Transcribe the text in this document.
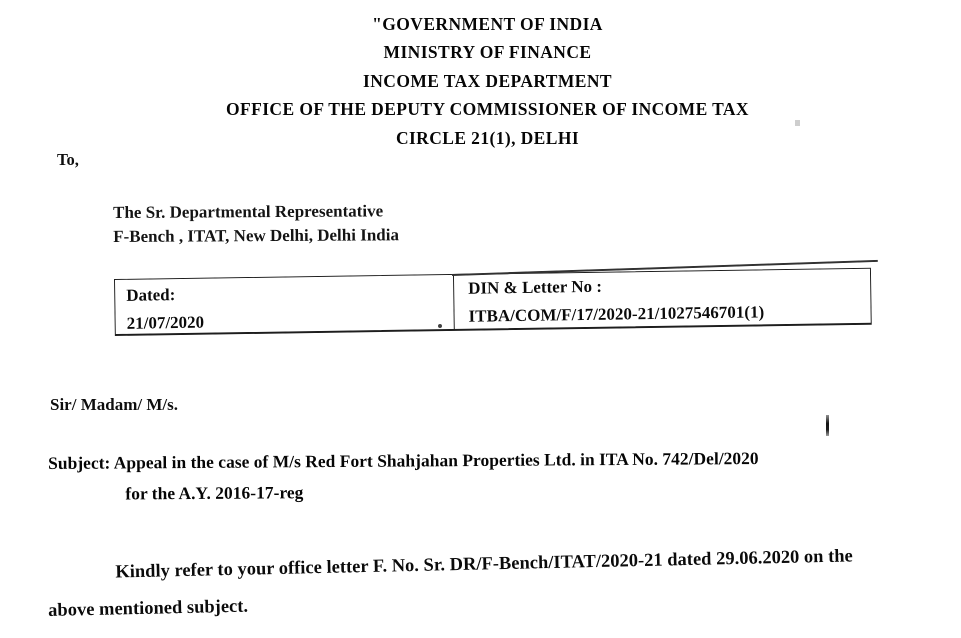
"GOVERNMENT OF INDIA
MINISTRY OF FINANCE
INCOME TAX DEPARTMENT
OFFICE OF THE DEPUTY COMMISSIONER OF INCOME TAX
CIRCLE 21(1), DELHI
To,
The Sr. Departmental Representative
F-Bench , ITAT, New Delhi, Delhi India
Dated:
21/07/2020
DIN & Letter No :
ITBA/COM/F/17/2020-21/1027546701(1)
Sir/ Madam/ M/s.
Subject: Appeal in the case of M/s Red Fort Shahjahan Properties Ltd. in ITA No. 742/Del/2020
for the A.Y. 2016-17-reg
Kindly refer to your office letter F. No. Sr. DR/F-Bench/ITAT/2020-21 dated 29.06.2020 on the
above mentioned subject.
